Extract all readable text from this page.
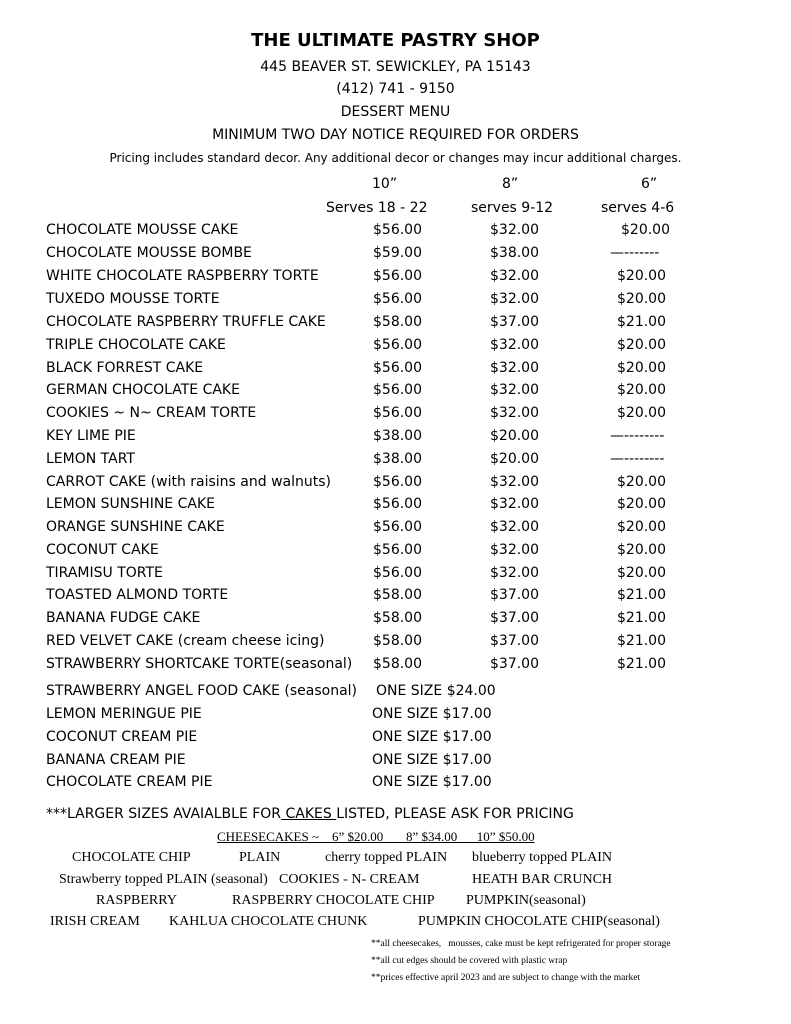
THE ULTIMATE PASTRY SHOP
445 BEAVER ST. SEWICKLEY, PA 15143
(412) 741 - 9150
DESSERT MENU
MINIMUM TWO DAY NOTICE REQUIRED FOR ORDERS
Pricing includes standard decor. Any additional decor or changes may incur additional charges.
10”	8”	6”
Serves 18 - 22	serves 9-12	serves 4-6
CHOCOLATE MOUSSE CAKE	$56.00	$32.00	$20.00
CHOCOLATE MOUSSE BOMBE	$59.00	$38.00	—-------
WHITE CHOCOLATE RASPBERRY TORTE	$56.00	$32.00	$20.00
TUXEDO MOUSSE TORTE	$56.00	$32.00	$20.00
CHOCOLATE RASPBERRY TRUFFLE CAKE	$58.00	$37.00	$21.00
TRIPLE CHOCOLATE CAKE	$56.00	$32.00	$20.00
BLACK FORREST CAKE	$56.00	$32.00	$20.00
GERMAN CHOCOLATE CAKE	$56.00	$32.00	$20.00
COOKIES ~ N~ CREAM TORTE	$56.00	$32.00	$20.00
KEY LIME PIE	$38.00	$20.00	—--------
LEMON TART	$38.00	$20.00	—--------
CARROT CAKE (with raisins and walnuts)	$56.00	$32.00	$20.00
LEMON SUNSHINE CAKE	$56.00	$32.00	$20.00
ORANGE SUNSHINE CAKE	$56.00	$32.00	$20.00
COCONUT CAKE	$56.00	$32.00	$20.00
TIRAMISU TORTE	$56.00	$32.00	$20.00
TOASTED ALMOND TORTE	$58.00	$37.00	$21.00
BANANA FUDGE CAKE	$58.00	$37.00	$21.00
RED VELVET CAKE (cream cheese icing)	$58.00	$37.00	$21.00
STRAWBERRY SHORTCAKE TORTE(seasonal) $58.00	$37.00	$21.00
STRAWBERRY ANGEL FOOD CAKE (seasonal) ONE SIZE $24.00
LEMON MERINGUE PIE	ONE SIZE $17.00
COCONUT CREAM PIE	ONE SIZE $17.00
BANANA CREAM PIE	ONE SIZE $17.00
CHOCOLATE CREAM PIE	ONE SIZE $17.00
***LARGER SIZES AVAIALBLE FOR CAKES LISTED, PLEASE ASK FOR PRICING
CHEESECAKES ~    6” $20.00       8” $34.00      10” $50.00
CHOCOLATE CHIP	PLAIN	cherry topped PLAIN blueberry topped PLAIN
Strawberry topped PLAIN (seasonal) COOKIES - N- CREAM	HEATH BAR CRUNCH
RASPBERRY	RASPBERRY CHOCOLATE CHIP PUMPKIN(seasonal)
IRISH CREAM KAHLUA CHOCOLATE CHUNK	PUMPKIN CHOCOLATE CHIP(seasonal)
**all cheesecakes,   mousses, cake must be kept refrigerated for proper storage
**all cut edges should be covered with plastic wrap
**prices effective april 2023 and are subject to change with the market
